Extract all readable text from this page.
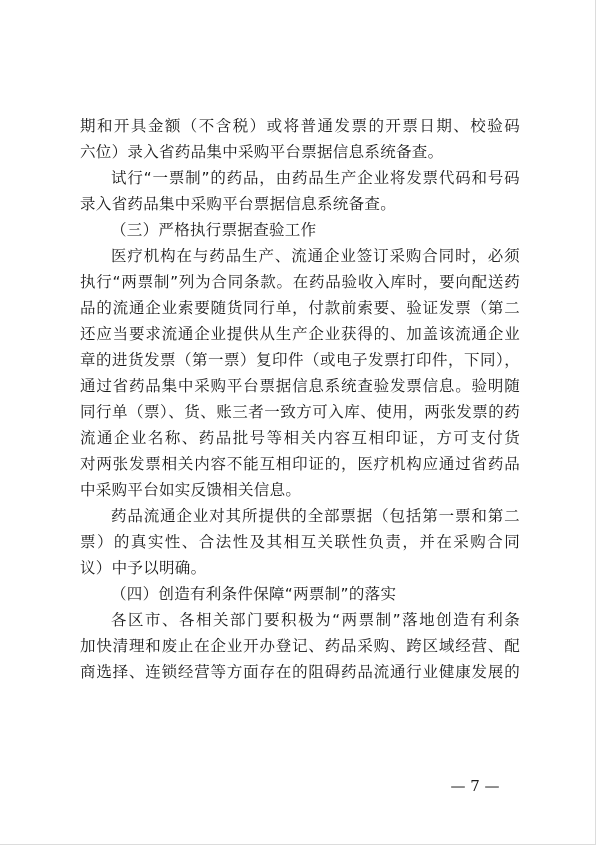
期和开具金额（不含税）或将普通发票的开票日期、校验码
六位）录入省药品集中采购平台票据信息系统备查。
试行“一票制”的药品，由药品生产企业将发票代码和号码
录入省药品集中采购平台票据信息系统备查。
（三）严格执行票据查验工作
医疗机构在与药品生产、流通企业签订采购合同时，必须
执行“两票制”列为合同条款。在药品验收入库时，要向配送药
品的流通企业索要随货同行单，付款前索要、验证发票（第二
还应当要求流通企业提供从生产企业获得的、加盖该流通企业
章的进货发票（第一票）复印件（或电子发票打印件，下同），
通过省药品集中采购平台票据信息系统查验发票信息。验明随
同行单（票）、货、账三者一致方可入库、使用，两张发票的药
流通企业名称、药品批号等相关内容互相印证，方可支付货
对两张发票相关内容不能互相印证的，医疗机构应通过省药品
中采购平台如实反馈相关信息。
药品流通企业对其所提供的全部票据（包括第一票和第二
票）的真实性、合法性及其相互关联性负责，并在采购合同
议）中予以明确。
（四）创造有利条件保障“两票制”的落实
各区市、各相关部门要积极为“两票制”落地创造有利条
加快清理和废止在企业开办登记、药品采购、跨区域经营、配
商选择、连锁经营等方面存在的阻碍药品流通行业健康发展的
— 7 —
